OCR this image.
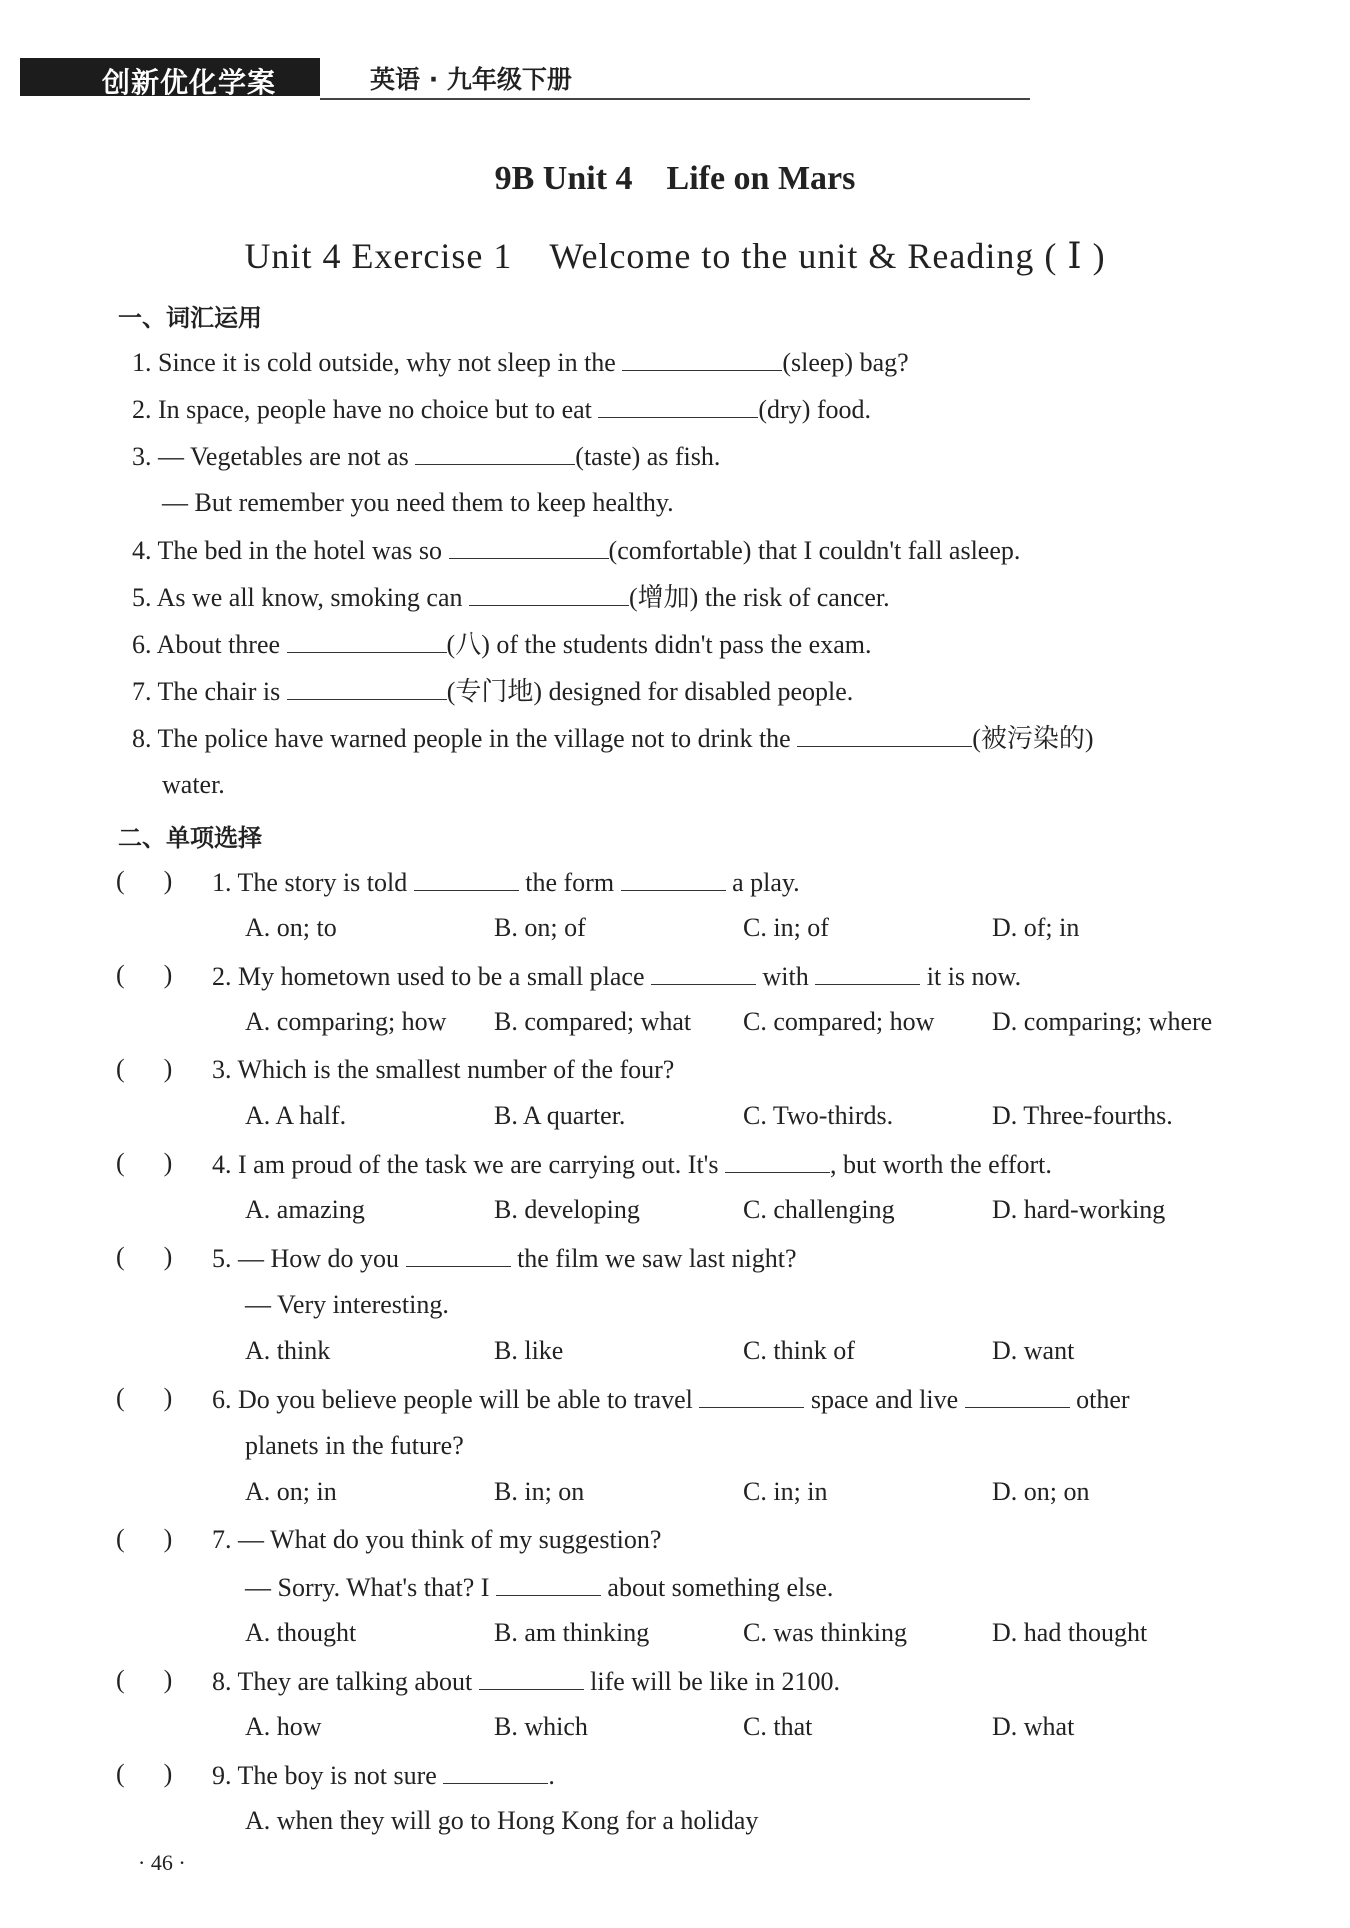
创新优化学案	英语 · 九年级下册
9B Unit 4　Life on Mars
Unit 4 Exercise 1　Welcome to the unit & Reading ( Ⅰ )
一、词汇运用
1. Since it is cold outside, why not sleep in the	(sleep) bag?
2. In space, people have no choice but to eat	(dry) food.
3. — Vegetables are not as	(taste) as fish.
— But remember you need them to keep healthy.
4. The bed in the hotel was so	(comfortable) that I couldn't fall asleep.
5. As we all know, smoking can	(增加) the risk of cancer.
6. About three	(八) of the students didn't pass the exam.
7. The chair is	(专门地) designed for disabled people.
8. The police have warned people in the village not to drink the	(被污染的)
water.
二、单项选择
(      ) 1. The story is told	the form	a play.
A. on; to	B. on; of	C. in; of	D. of; in
(      ) 2. My hometown used to be a small place	with	it is now.
A. comparing; how B. compared; what C. compared; how D. comparing; where
(      ) 3. Which is the smallest number of the four?
A. A half.	B. A quarter.	C. Two-thirds.	D. Three-fourths.
(      ) 4. I am proud of the task we are carrying out. It's	, but worth the effort.
A. amazing	B. developing	C. challenging	D. hard-working
(      ) 5. — How do you	the film we saw last night?
— Very interesting.
A. think	B. like	C. think of	D. want
(      ) 6. Do you believe people will be able to travel	space and live	other
planets in the future?
A. on; in	B. in; on	C. in; in	D. on; on
(      ) 7. — What do you think of my suggestion?
— Sorry. What's that? I	about something else.
A. thought	B. am thinking	C. was thinking	D. had thought
(      ) 8. They are talking about	life will be like in 2100.
A. how	B. which	C. that	D. what
(      ) 9. The boy is not sure	.
A. when they will go to Hong Kong for a holiday
· 46 ·
